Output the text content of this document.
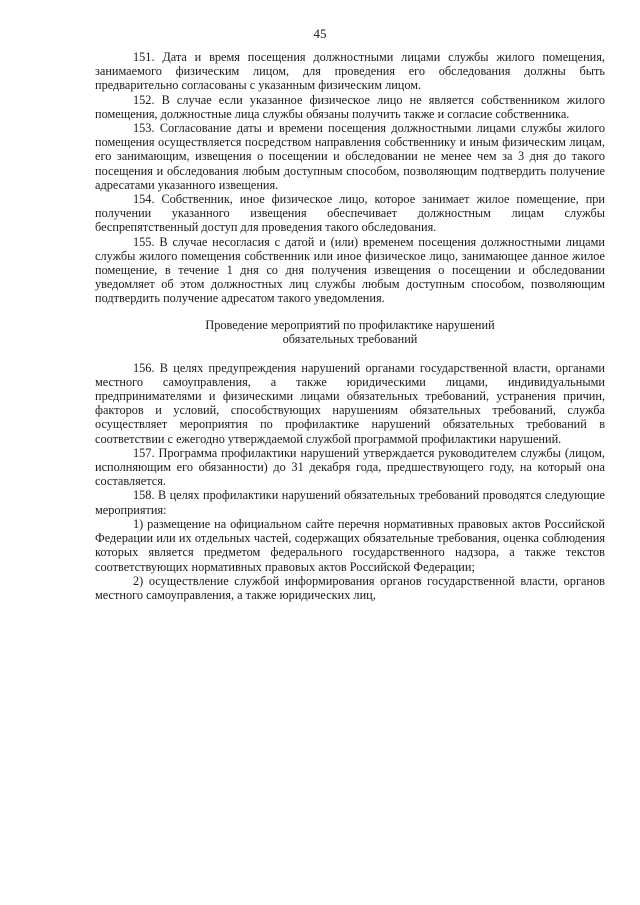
45

151. Дата и время посещения должностными лицами службы жилого помещения, занимаемого физическим лицом, для проведения его обследования должны быть предварительно согласованы с указанным физическим лицом.

152. В случае если указанное физическое лицо не является собственником жилого помещения, должностные лица службы обязаны получить также и согласие собственника.

153. Согласование даты и времени посещения должностными лицами службы жилого помещения осуществляется посредством направления собственнику и иным физическим лицам, его занимающим, извещения о посещении и обследовании не менее чем за 3 дня до такого посещения и обследования любым доступным способом, позволяющим подтвердить получение адресатами указанного извещения.

154. Собственник, иное физическое лицо, которое занимает жилое помещение, при получении указанного извещения обеспечивает должностным лицам службы беспрепятственный доступ для проведения такого обследования.

155. В случае несогласия с датой и (или) временем посещения должностными лицами службы жилого помещения собственник или иное физическое лицо, занимающее данное жилое помещение, в течение 1 дня со дня получения извещения о посещении и обследовании уведомляет об этом должностных лиц службы любым доступным способом, позволяющим подтвердить получение адресатом такого уведомления.

Проведение мероприятий по профилактике нарушений
обязательных требований

156. В целях предупреждения нарушений органами государственной власти, органами местного самоуправления, а также юридическими лицами, индивидуальными предпринимателями и физическими лицами обязательных требований, устранения причин, факторов и условий, способствующих нарушениям обязательных требований, служба осуществляет мероприятия по профилактике нарушений обязательных требований в соответствии с ежегодно утверждаемой службой программой профилактики нарушений.

157. Программа профилактики нарушений утверждается руководителем службы (лицом, исполняющим его обязанности) до 31 декабря года, предшествующего году, на который она составляется.

158. В целях профилактики нарушений обязательных требований проводятся следующие мероприятия:

1) размещение на официальном сайте перечня нормативных правовых актов Российской Федерации или их отдельных частей, содержащих обязательные требования, оценка соблюдения которых является предметом федерального государственного надзора, а также текстов соответствующих нормативных правовых актов Российской Федерации;

2) осуществление службой информирования органов государственной власти, органов местного самоуправления, а также юридических лиц,
